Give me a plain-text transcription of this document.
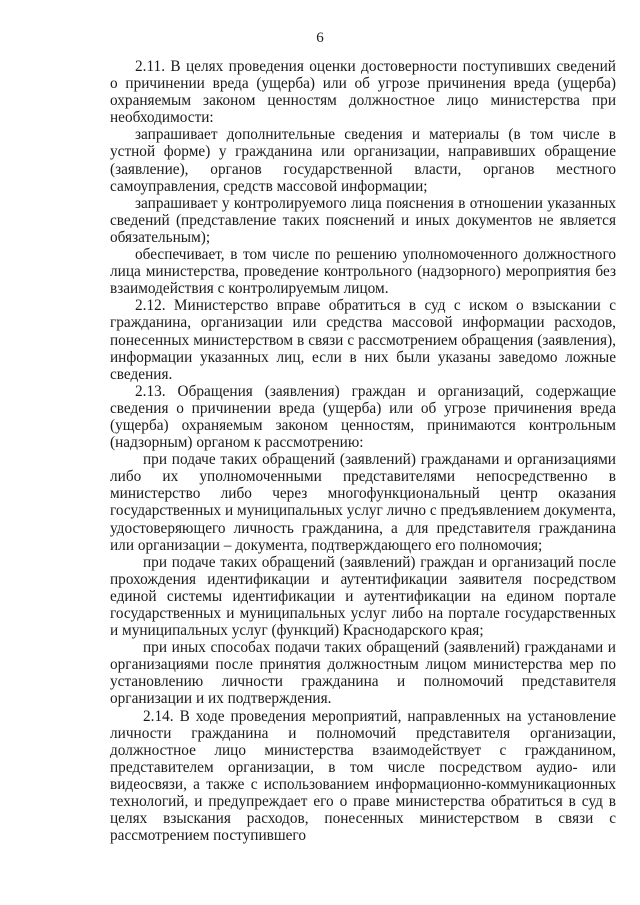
6

2.11. В целях проведения оценки достоверности поступивших сведений о причинении вреда (ущерба) или об угрозе причинения вреда (ущерба) охраняемым законом ценностям должностное лицо министерства при необходимости:

запрашивает дополнительные сведения и материалы (в том числе в устной форме) у гражданина или организации, направивших обращение (заявление), органов государственной власти, органов местного самоуправления, средств массовой информации;

запрашивает у контролируемого лица пояснения в отношении указанных сведений (представление таких пояснений и иных документов не является обязательным);

обеспечивает, в том числе по решению уполномоченного должностного лица министерства, проведение контрольного (надзорного) мероприятия без взаимодействия с контролируемым лицом.

2.12. Министерство вправе обратиться в суд с иском о взыскании с гражданина, организации или средства массовой информации расходов, понесенных министерством в связи с рассмотрением обращения (заявления), информации указанных лиц, если в них были указаны заведомо ложные сведения.

2.13. Обращения (заявления) граждан и организаций, содержащие сведения о причинении вреда (ущерба) или об угрозе причинения вреда (ущерба) охраняемым законом ценностям, принимаются контрольным (надзорным) органом к рассмотрению:

при подаче таких обращений (заявлений) гражданами и организациями либо их уполномоченными представителями непосредственно в министерство либо через многофункциональный центр оказания государственных и муниципальных услуг лично с предъявлением документа, удостоверяющего личность гражданина, а для представителя гражданина или организации – документа, подтверждающего его полномочия;

при подаче таких обращений (заявлений) граждан и организаций после прохождения идентификации и аутентификации заявителя посредством единой системы идентификации и аутентификации на едином портале государственных и муниципальных услуг либо на портале государственных и муниципальных услуг (функций) Краснодарского края;

при иных способах подачи таких обращений (заявлений) гражданами и организациями после принятия должностным лицом министерства мер по установлению личности гражданина и полномочий представителя организации и их подтверждения.

2.14. В ходе проведения мероприятий, направленных на установление личности гражданина и полномочий представителя организации, должностное лицо министерства взаимодействует с гражданином, представителем организации, в том числе посредством аудио- или видеосвязи, а также с использованием информационно-коммуникационных технологий, и предупреждает его о праве министерства обратиться в суд в целях взыскания расходов, понесенных министерством в связи с рассмотрением поступившего
